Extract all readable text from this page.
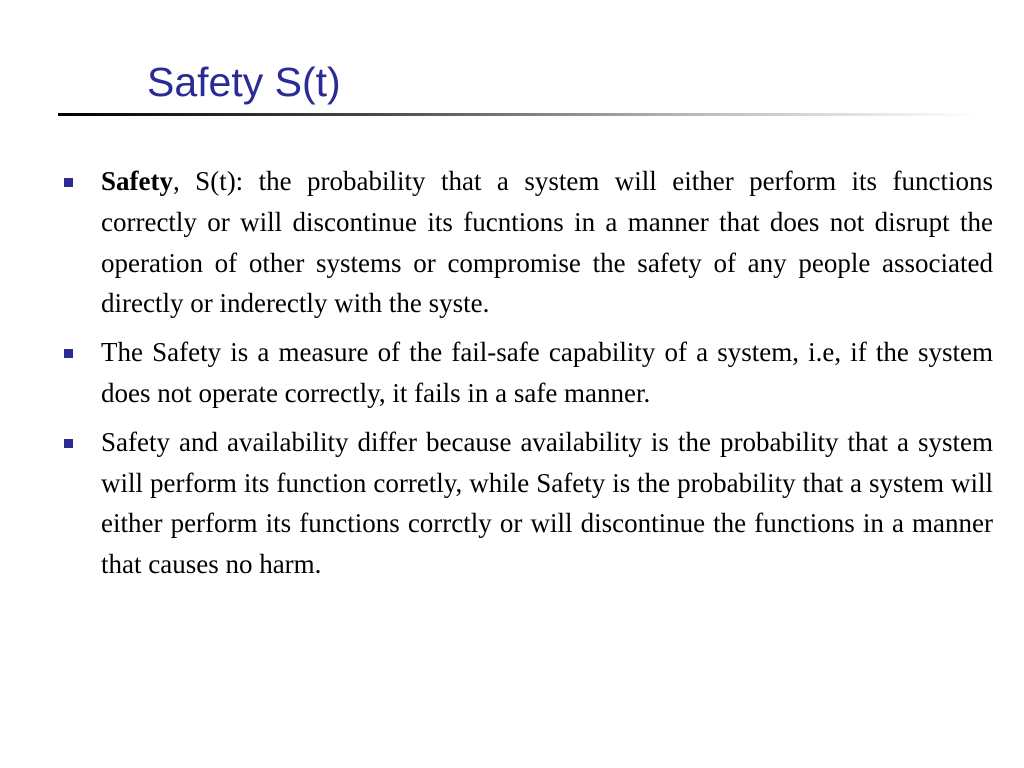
Safety S(t)
Safety, S(t): the probability that a system will either perform its functions correctly or will discontinue its fucntions in a manner that does not disrupt the operation of other systems or compromise the safety of any people associated directly or inderectly with the syste.
The Safety is a measure of the fail-safe capability of a system, i.e, if the system does not operate correctly, it fails in a safe manner.
Safety and availability differ because availability is the probability that a system will perform its function corretly, while Safety is the probability that a system will either perform its functions corrctly or will discontinue the functions in a manner that causes no harm.
